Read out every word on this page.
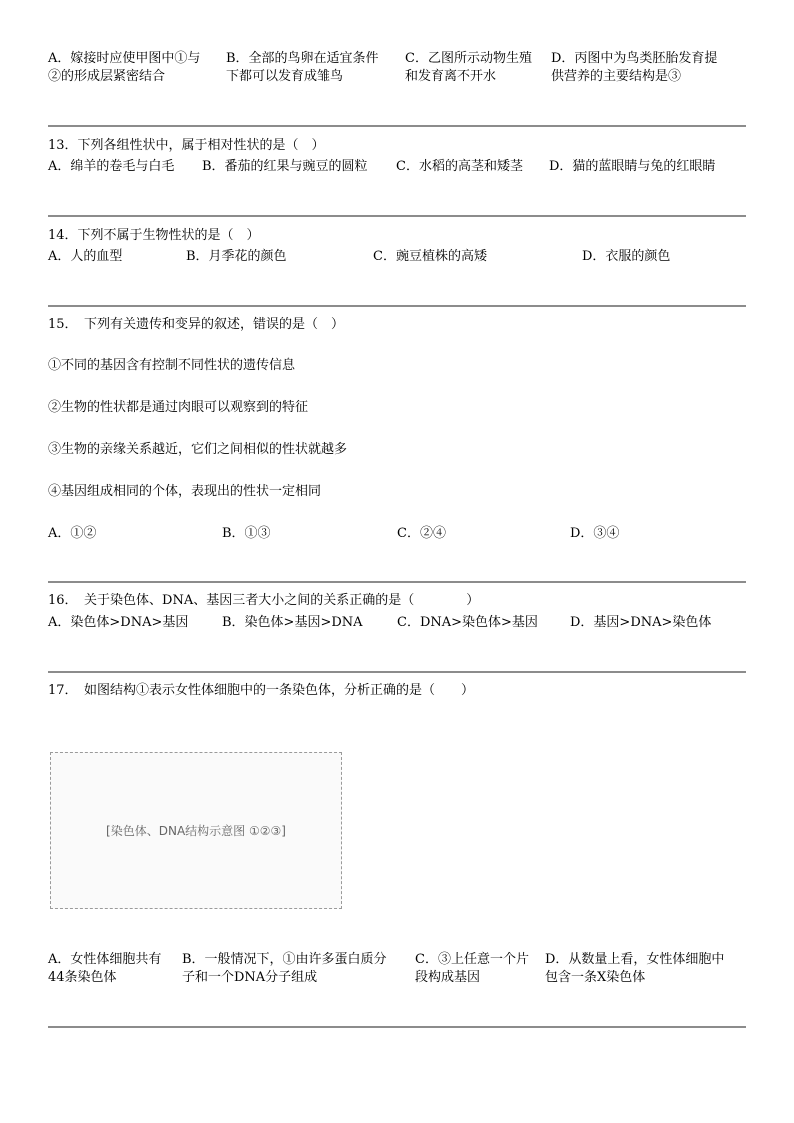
A．嫁接时应使甲图中①与
②的形成层紧密结合
B．全部的鸟卵在适宜条件
下都可以发育成雏鸟
C．乙图所示动物生殖
和发育离不开水
D．丙图中为鸟类胚胎发育提
供营养的主要结构是③
13．下列各组性状中，属于相对性状的是（　）
A．绵羊的卷毛与白毛 B．番茄的红果与豌豆的圆粒 C．水稻的高茎和矮茎 D．猫的蓝眼睛与兔的红眼睛
14．下列不属于生物性状的是（　）
A．人的血型	B．月季花的颜色	C．豌豆植株的高矮	D．衣服的颜色
15．　下列有关遗传和变异的叙述，错误的是（　）
①不同的基因含有控制不同性状的遗传信息
②生物的性状都是通过肉眼可以观察到的特征
③生物的亲缘关系越近，它们之间相似的性状就越多
④基因组成相同的个体，表现出的性状一定相同
A．①②	B．①③	C．②④	D．③④
16．　关于染色体、DNA、基因三者大小之间的关系正确的是（　　　　）
A．染色体>DNA>基因	B．染色体>基因>DNA	C．DNA>染色体>基因 D．基因>DNA>染色体
17．　如图结构①表示女性体细胞中的一条染色体，分析正确的是（　　）
[染色体、DNA结构示意图 ①②③]
A．女性体细胞共有
44条染色体
B．一般情况下，①由许多蛋白质分
子和一个DNA分子组成
C．③上任意一个片
段构成基因
D．从数量上看，女性体细胞中
包含一条X染色体
